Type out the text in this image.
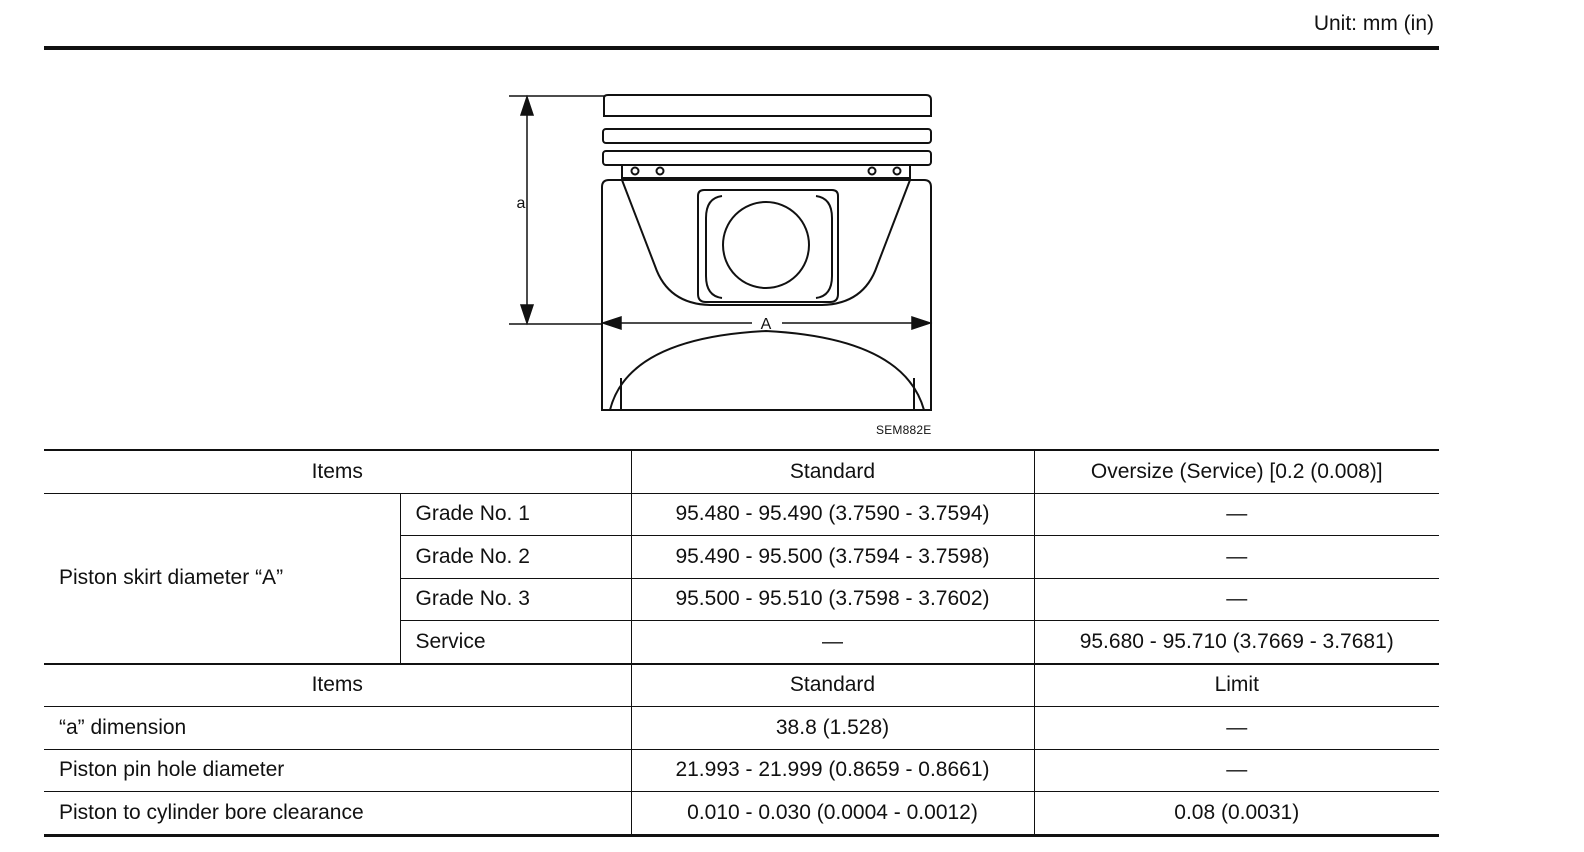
Unit: mm (in)
a
A
SEM882E
Items		Standard	Oversize (Service) [0.2 (0.008)]
Piston skirt diameter “A”	Grade No. 1	95.480 - 95.490 (3.7590 - 3.7594)	—
	Grade No. 2	95.490 - 95.500 (3.7594 - 3.7598)	—
	Grade No. 3	95.500 - 95.510 (3.7598 - 3.7602)	—
	Service	—	95.680 - 95.710 (3.7669 - 3.7681)
Items		Standard	Limit
“a” dimension		38.8 (1.528)	—
Piston pin hole diameter		21.993 - 21.999 (0.8659 - 0.8661)	—
Piston to cylinder bore clearance		0.010 - 0.030 (0.0004 - 0.0012)	0.08 (0.0031)
